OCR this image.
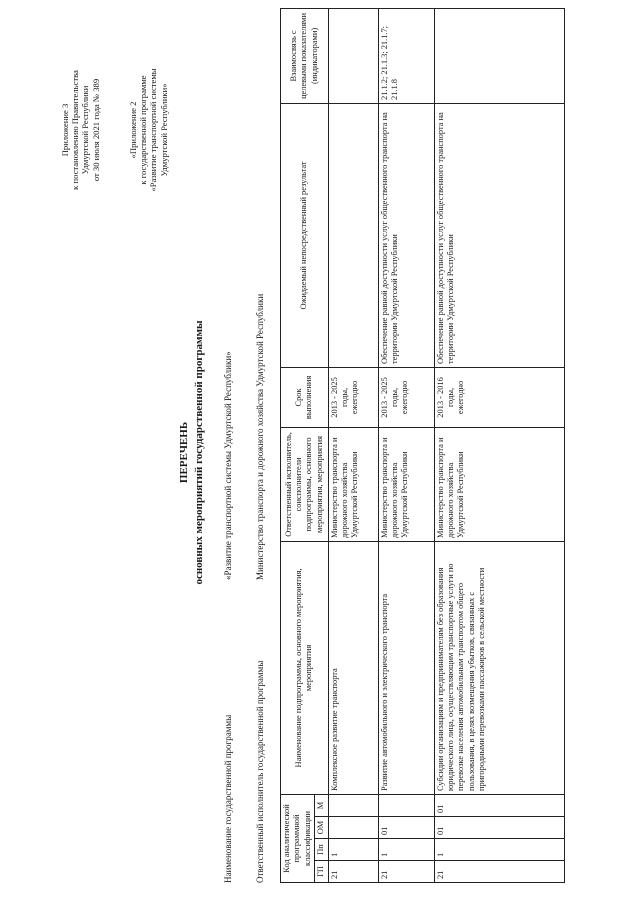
Приложение 3 к постановлению Правительства Удмуртской Республики от 30 июля 2021 года № 389	«Приложение 2 к государственной программе «Развитие транспортной системы Удмуртской Республики»
ПЕРЕЧЕНЬ основных мероприятий государственной программы
Наименование государственной программы
«Развитие транспортной системы Удмуртской Республики»
Ответственный исполнитель государственной программы
Министерство транспорта и дорожного хозяйства Удмуртской Республики
Код аналитической программной классификации				Наименование подпрограммы, основного мероприятия, мероприятия	Ответственный исполнитель, соисполнители подпрограммы, основного мероприятия, мероприятия	Срок выполнения	Ожидаемый непосредственный результат	Взаимосвязь с целевыми показателями (индикаторами)
ГП	Пп	ОМ	М					
21	1			Комплексное развитие транспорта	Министерство транспорта и дорожного хозяйства Удмуртской Республики	2013 - 2025 годы, ежегодно		
21	1	01		Развитие автомобильного и электрического транспорта	Министерство транспорта и дорожного хозяйства Удмуртской Республики	2013 - 2025 годы, ежегодно	Обеспечение равной доступности услуг общественного транспорта на территории Удмуртской Республики	21.1.2; 21.1.3; 21.1.7; 21.1.8
21	1	01	01	Субсидии организациям и предпринимателям без образования юридического лица, осуществляющим транспортные услуги по перевозке населения автомобильным транспортом общего пользования, в целях возмещения убытков, связанных с пригородными перевозками пассажиров в сельской местности	Министерство транспорта и дорожного хозяйства Удмуртской Республики	2013 - 2016 годы, ежегодно	Обеспечение равной доступности услуг общественного транспорта на территории Удмуртской Республики	
